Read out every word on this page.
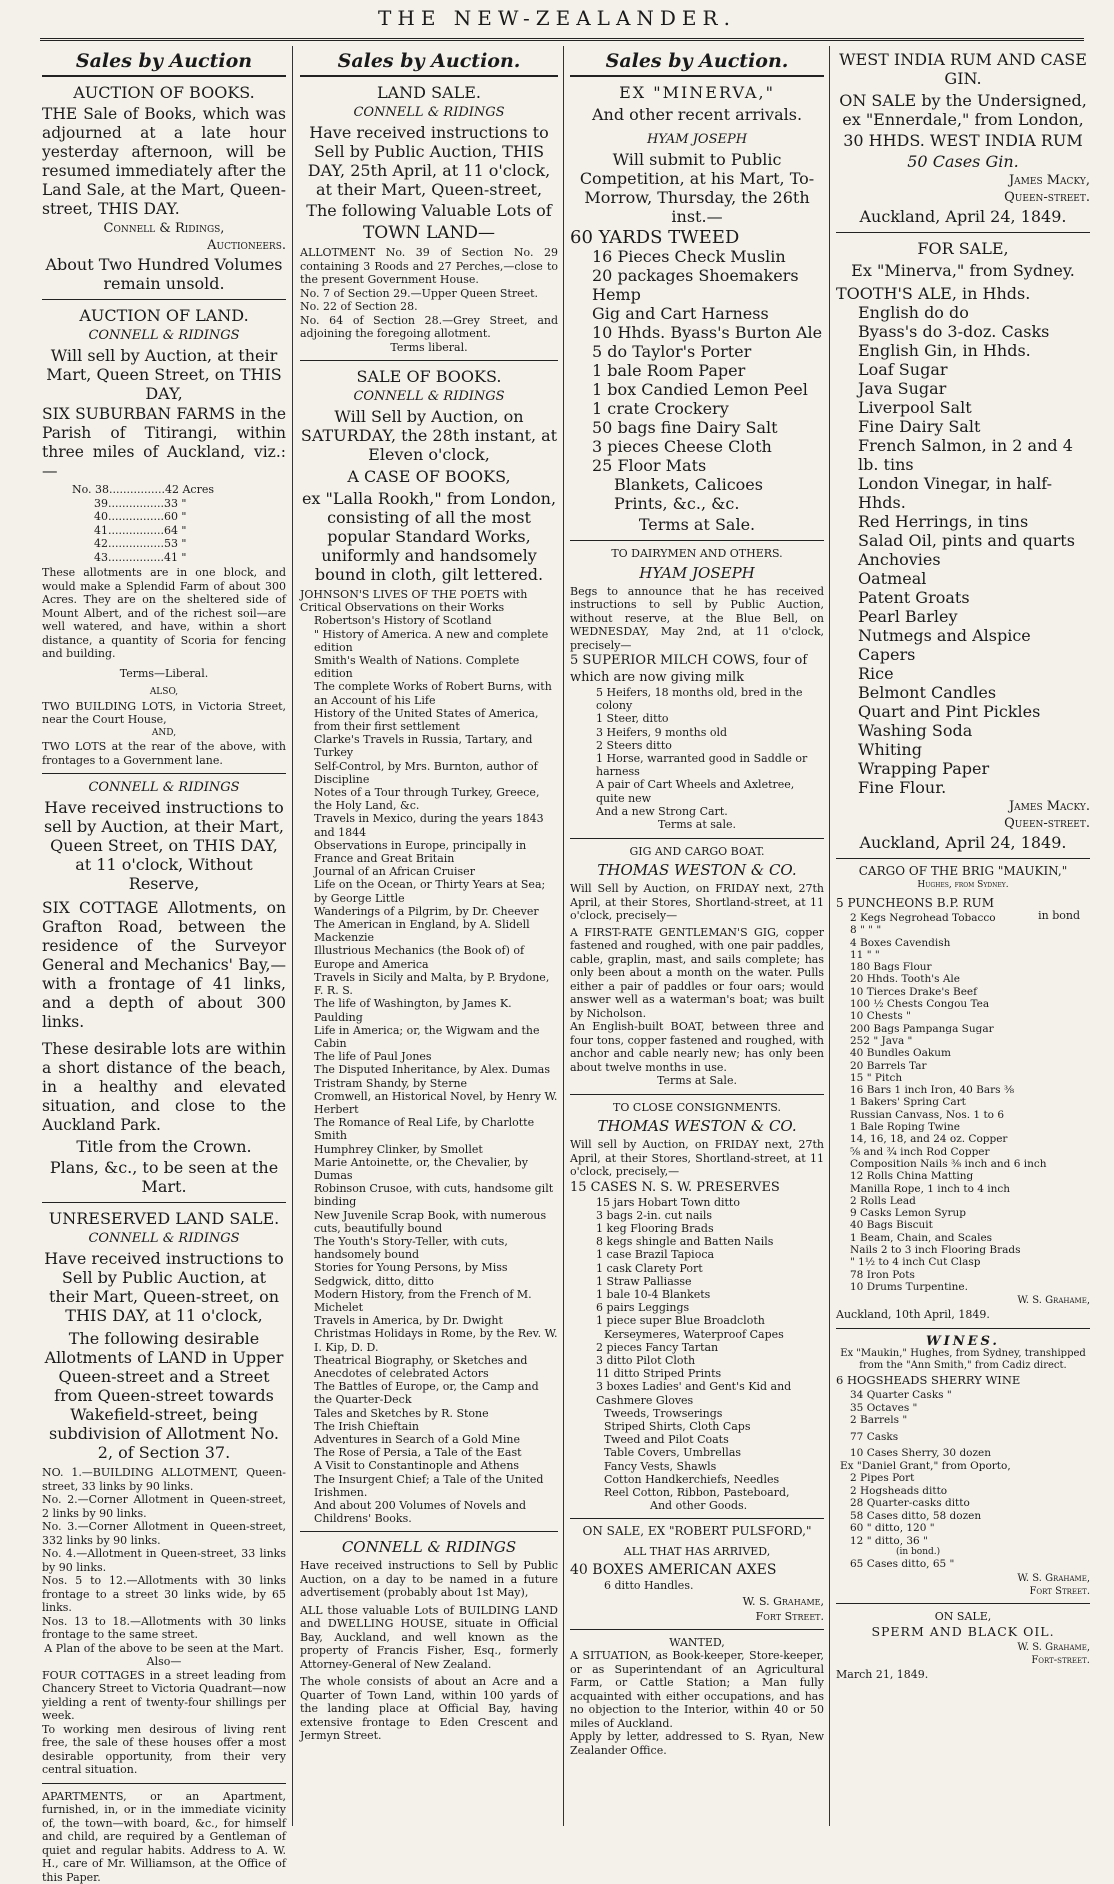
THE NEW-ZEALANDER.
Sales by Auction
AUCTION OF BOOKS.
THE Sale of Books, which was adjourned at a late hour yesterday afternoon, will be resumed immediately after the Land Sale, at the Mart, Queen-street, THIS DAY.
Connell & Ridings,
Auctioneers.
About Two Hundred Volumes remain unsold.
AUCTION OF LAND.
CONNELL & RIDINGS
Will sell by Auction, at their Mart, Queen Street, on THIS DAY,
SIX SUBURBAN FARMS in the Parish of Titirangi, within three miles of Auckland, viz.:—
No. 38................42 Acres
39................33 "
40................60 "
41................64 "
42................53 "
43................41 "
These allotments are in one block, and would make a Splendid Farm of about 300 Acres. They are on the sheltered side of Mount Albert, and of the richest soil—are well watered, and have, within a short distance, a quantity of Scoria for fencing and building.
Terms—Liberal.
ALSO,
TWO BUILDING LOTS, in Victoria Street, near the Court House,
AND,
TWO LOTS at the rear of the above, with frontages to a Government lane.
CONNELL & RIDINGS
Have received instructions to sell by Auction, at their Mart, Queen Street, on THIS DAY, at 11 o'clock, Without Reserve,
SIX COTTAGE Allotments, on Grafton Road, between the residence of the Surveyor General and Mechanics' Bay,—with a frontage of 41 links, and a depth of about 300 links.
These desirable lots are within a short distance of the beach, in a healthy and elevated situation, and close to the Auckland Park.
Title from the Crown.
Plans, &c., to be seen at the Mart.
UNRESERVED LAND SALE.
CONNELL & RIDINGS
Have received instructions to Sell by Public Auction, at their Mart, Queen-street, on THIS DAY, at 11 o'clock,
The following desirable Allotments of LAND in Upper Queen-street and a Street from Queen-street towards Wakefield-street, being subdivision of Allotment No. 2, of Section 37.
NO. 1.—BUILDING ALLOTMENT, Queen-street, 33 links by 90 links.
No. 2.—Corner Allotment in Queen-street, 2 links by 90 links.
No. 3.—Corner Allotment in Queen-street, 332 links by 90 links.
No. 4.—Allotment in Queen-street, 33 links by 90 links.
Nos. 5 to 12.—Allotments with 30 links frontage to a street 30 links wide, by 65 links.
Nos. 13 to 18.—Allotments with 30 links frontage to the same street.
A Plan of the above to be seen at the Mart.
Also—
FOUR COTTAGES in a street leading from Chancery Street to Victoria Quadrant—now yielding a rent of twenty-four shillings per week.
To working men desirous of living rent free, the sale of these houses offer a most desirable opportunity, from their very central situation.
APARTMENTS, or an Apartment, furnished, in, or in the immediate vicinity of, the town—with board, &c., for himself and child, are required by a Gentleman of quiet and regular habits. Address to A. W. H., care of Mr. Williamson, at the Office of this Paper.
Sales by Auction.
LAND SALE.
CONNELL & RIDINGS
Have received instructions to Sell by Public Auction, THIS DAY, 25th April, at 11 o'clock, at their Mart, Queen-street,
The following Valuable Lots of
TOWN LAND—
ALLOTMENT No. 39 of Section No. 29 containing 3 Roods and 27 Perches,—close to the present Government House.
No. 7 of Section 29.—Upper Queen Street.
No. 22 of Section 28.
No. 64 of Section 28.—Grey Street, and adjoining the foregoing allotment.
Terms liberal.
SALE OF BOOKS.
CONNELL & RIDINGS
Will Sell by Auction, on SATURDAY, the 28th instant, at Eleven o'clock,
A CASE OF BOOKS,
ex "Lalla Rookh," from London, consisting of all the most popular Standard Works, uniformly and handsomely bound in cloth, gilt lettered.
JOHNSON'S LIVES OF THE POETS with Critical Observations on their Works
Robertson's History of Scotland
" History of America. A new and complete edition
Smith's Wealth of Nations. Complete edition
The complete Works of Robert Burns, with an Account of his Life
History of the United States of America, from their first settlement
Clarke's Travels in Russia, Tartary, and Turkey
Self-Control, by Mrs. Burnton, author of Discipline
Notes of a Tour through Turkey, Greece, the Holy Land, &c.
Travels in Mexico, during the years 1843 and 1844
Observations in Europe, principally in France and Great Britain
Journal of an African Cruiser
Life on the Ocean, or Thirty Years at Sea; by George Little
Wanderings of a Pilgrim, by Dr. Cheever
The American in England, by A. Slidell Mackenzie
Illustrious Mechanics (the Book of) of Europe and America
Travels in Sicily and Malta, by P. Brydone, F. R. S.
The life of Washington, by James K. Paulding
Life in America; or, the Wigwam and the Cabin
The life of Paul Jones
The Disputed Inheritance, by Alex. Dumas
Tristram Shandy, by Sterne
Cromwell, an Historical Novel, by Henry W. Herbert
The Romance of Real Life, by Charlotte Smith
Humphrey Clinker, by Smollet
Marie Antoinette, or, the Chevalier, by Dumas
Robinson Crusoe, with cuts, handsome gilt binding
New Juvenile Scrap Book, with numerous cuts, beautifully bound
The Youth's Story-Teller, with cuts, handsomely bound
Stories for Young Persons, by Miss Sedgwick, ditto, ditto
Modern History, from the French of M. Michelet
Travels in America, by Dr. Dwight
Christmas Holidays in Rome, by the Rev. W. I. Kip, D. D.
Theatrical Biography, or Sketches and Anecdotes of celebrated Actors
The Battles of Europe, or, the Camp and the Quarter-Deck
Tales and Sketches by R. Stone
The Irish Chieftain
Adventures in Search of a Gold Mine
The Rose of Persia, a Tale of the East
A Visit to Constantinople and Athens
The Insurgent Chief; a Tale of the United Irishmen.
And about 200 Volumes of Novels and Childrens' Books.
CONNELL & RIDINGS
Have received instructions to Sell by Public Auction, on a day to be named in a future advertisement (probably about 1st May),
ALL those valuable Lots of BUILDING LAND and DWELLING HOUSE, situate in Official Bay, Auckland, and well known as the property of Francis Fisher, Esq., formerly Attorney-General of New Zealand.
The whole consists of about an Acre and a Quarter of Town Land, within 100 yards of the landing place at Official Bay, having extensive frontage to Eden Crescent and Jermyn Street.
Sales by Auction.
EX "MINERVA,"
And other recent arrivals.
HYAM JOSEPH
Will submit to Public Competition, at his Mart, To-Morrow, Thursday, the 26th inst.—
60 YARDS TWEED
16 Pieces Check Muslin
20 packages Shoemakers Hemp
Gig and Cart Harness
10 Hhds. Byass's Burton Ale
5 do Taylor's Porter
1 bale Room Paper
1 box Candied Lemon Peel
1 crate Crockery
50 bags fine Dairy Salt
3 pieces Cheese Cloth
25 Floor Mats
Blankets, Calicoes
Prints, &c., &c.
Terms at Sale.
TO DAIRYMEN AND OTHERS.
HYAM JOSEPH
Begs to announce that he has received instructions to sell by Public Auction, without reserve, at the Blue Bell, on WEDNESDAY, May 2nd, at 11 o'clock, precisely—
5 SUPERIOR MILCH COWS, four of which are now giving milk
5 Heifers, 18 months old, bred in the colony
1 Steer, ditto
3 Heifers, 9 months old
2 Steers ditto
1 Horse, warranted good in Saddle or harness
A pair of Cart Wheels and Axletree, quite new
And a new Strong Cart.
Terms at sale.
GIG AND CARGO BOAT.
THOMAS WESTON & CO.
Will Sell by Auction, on FRIDAY next, 27th April, at their Stores, Shortland-street, at 11 o'clock, precisely—
A FIRST-RATE GENTLEMAN'S GIG, copper fastened and roughed, with one pair paddles, cable, graplin, mast, and sails complete; has only been about a month on the water. Pulls either a pair of paddles or four oars; would answer well as a waterman's boat; was built by Nicholson.
An English-built BOAT, between three and four tons, copper fastened and roughed, with anchor and cable nearly new; has only been about twelve months in use.
Terms at Sale.
TO CLOSE CONSIGNMENTS.
THOMAS WESTON & CO.
Will sell by Auction, on FRIDAY next, 27th April, at their Stores, Shortland-street, at 11 o'clock, precisely,—
15 CASES N. S. W. PRESERVES
15 jars Hobart Town ditto
3 bags 2-in. cut nails
1 keg Flooring Brads
8 kegs shingle and Batten Nails
1 case Brazil Tapioca
1 cask Clarety Port
1 Straw Palliasse
1 bale 10-4 Blankets
6 pairs Leggings
1 piece super Blue Broadcloth
Kerseymeres, Waterproof Capes
2 pieces Fancy Tartan
3 ditto Pilot Cloth
11 ditto Striped Prints
3 boxes Ladies' and Gent's Kid and Cashmere Gloves
Tweeds, Trowserings
Striped Shirts, Cloth Caps
Tweed and Pilot Coats
Table Covers, Umbrellas
Fancy Vests, Shawls
Cotton Handkerchiefs, Needles
Reel Cotton, Ribbon, Pasteboard,
And other Goods.
ON SALE, EX "ROBERT PULSFORD,"
ALL THAT HAS ARRIVED,
40 BOXES AMERICAN AXES
6 ditto Handles.
W. S. Grahame,
Fort Street.
WANTED,
A SITUATION, as Book-keeper, Store-keeper, or as Superintendant of an Agricultural Farm, or Cattle Station; a Man fully acquainted with either occupations, and has no objection to the Interior, within 40 or 50 miles of Auckland.
Apply by letter, addressed to S. Ryan, New Zealander Office.
WEST INDIA RUM AND CASE GIN.
ON SALE by the Undersigned, ex "Ennerdale," from London,
30 HHDS. WEST INDIA RUM
50 Cases Gin.
James Macky,
Queen-street.
Auckland, April 24, 1849.
FOR SALE,
Ex "Minerva," from Sydney.
TOOTH'S ALE, in Hhds.
English do do
Byass's do 3-doz. Casks
English Gin, in Hhds.
Loaf Sugar
Java Sugar
Liverpool Salt
Fine Dairy Salt
French Salmon, in 2 and 4 lb. tins
London Vinegar, in half-Hhds.
Red Herrings, in tins
Salad Oil, pints and quarts
Anchovies
Oatmeal
Patent Groats
Pearl Barley
Nutmegs and Alspice
Capers
Rice
Belmont Candles
Quart and Pint Pickles
Washing Soda
Whiting
Wrapping Paper
Fine Flour.
James Macky.
Queen-street.
Auckland, April 24, 1849.
CARGO OF THE BRIG "MAUKIN,"
Hughes, from Sydney.
in bond
5 PUNCHEONS B.P. RUM
2 Kegs Negrohead Tobacco
8 " " "
4 Boxes Cavendish
11 " "
180 Bags Flour
20 Hhds. Tooth's Ale
10 Tierces Drake's Beef
100 ½ Chests Congou Tea
10 Chests "
200 Bags Pampanga Sugar
252 " Java "
40 Bundles Oakum
20 Barrels Tar
15 " Pitch
16 Bars 1 inch Iron, 40 Bars ⅜
1 Bakers' Spring Cart
Russian Canvass, Nos. 1 to 6
1 Bale Roping Twine
14, 16, 18, and 24 oz. Copper
⅝ and ¾ inch Rod Copper
Composition Nails ⅜ inch and 6 inch
12 Rolls China Matting
Manilla Rope, 1 inch to 4 inch
2 Rolls Lead
9 Casks Lemon Syrup
40 Bags Biscuit
1 Beam, Chain, and Scales
Nails 2 to 3 inch Flooring Brads
" 1½ to 4 inch Cut Clasp
78 Iron Pots
10 Drums Turpentine.
W. S. Grahame,
Auckland, 10th April, 1849.
WINES.
Ex "Maukin," Hughes, from Sydney, transhipped from the "Ann Smith," from Cadiz direct.
6 HOGSHEADS SHERRY WINE
34 Quarter Casks "
35 Octaves "
2 Barrels "
77 Casks
10 Cases Sherry, 30 dozen
Ex "Daniel Grant," from Oporto,
2 Pipes Port
2 Hogsheads ditto
28 Quarter-casks ditto
58 Cases ditto, 58 dozen
60 " ditto, 120 "
12 " ditto, 36 "
(in bond.)
65 Cases ditto, 65 "
W. S. Grahame,
Fort Street.
ON SALE,
SPERM AND BLACK OIL.
W. S. Grahame,
Fort-street.
March 21, 1849.
